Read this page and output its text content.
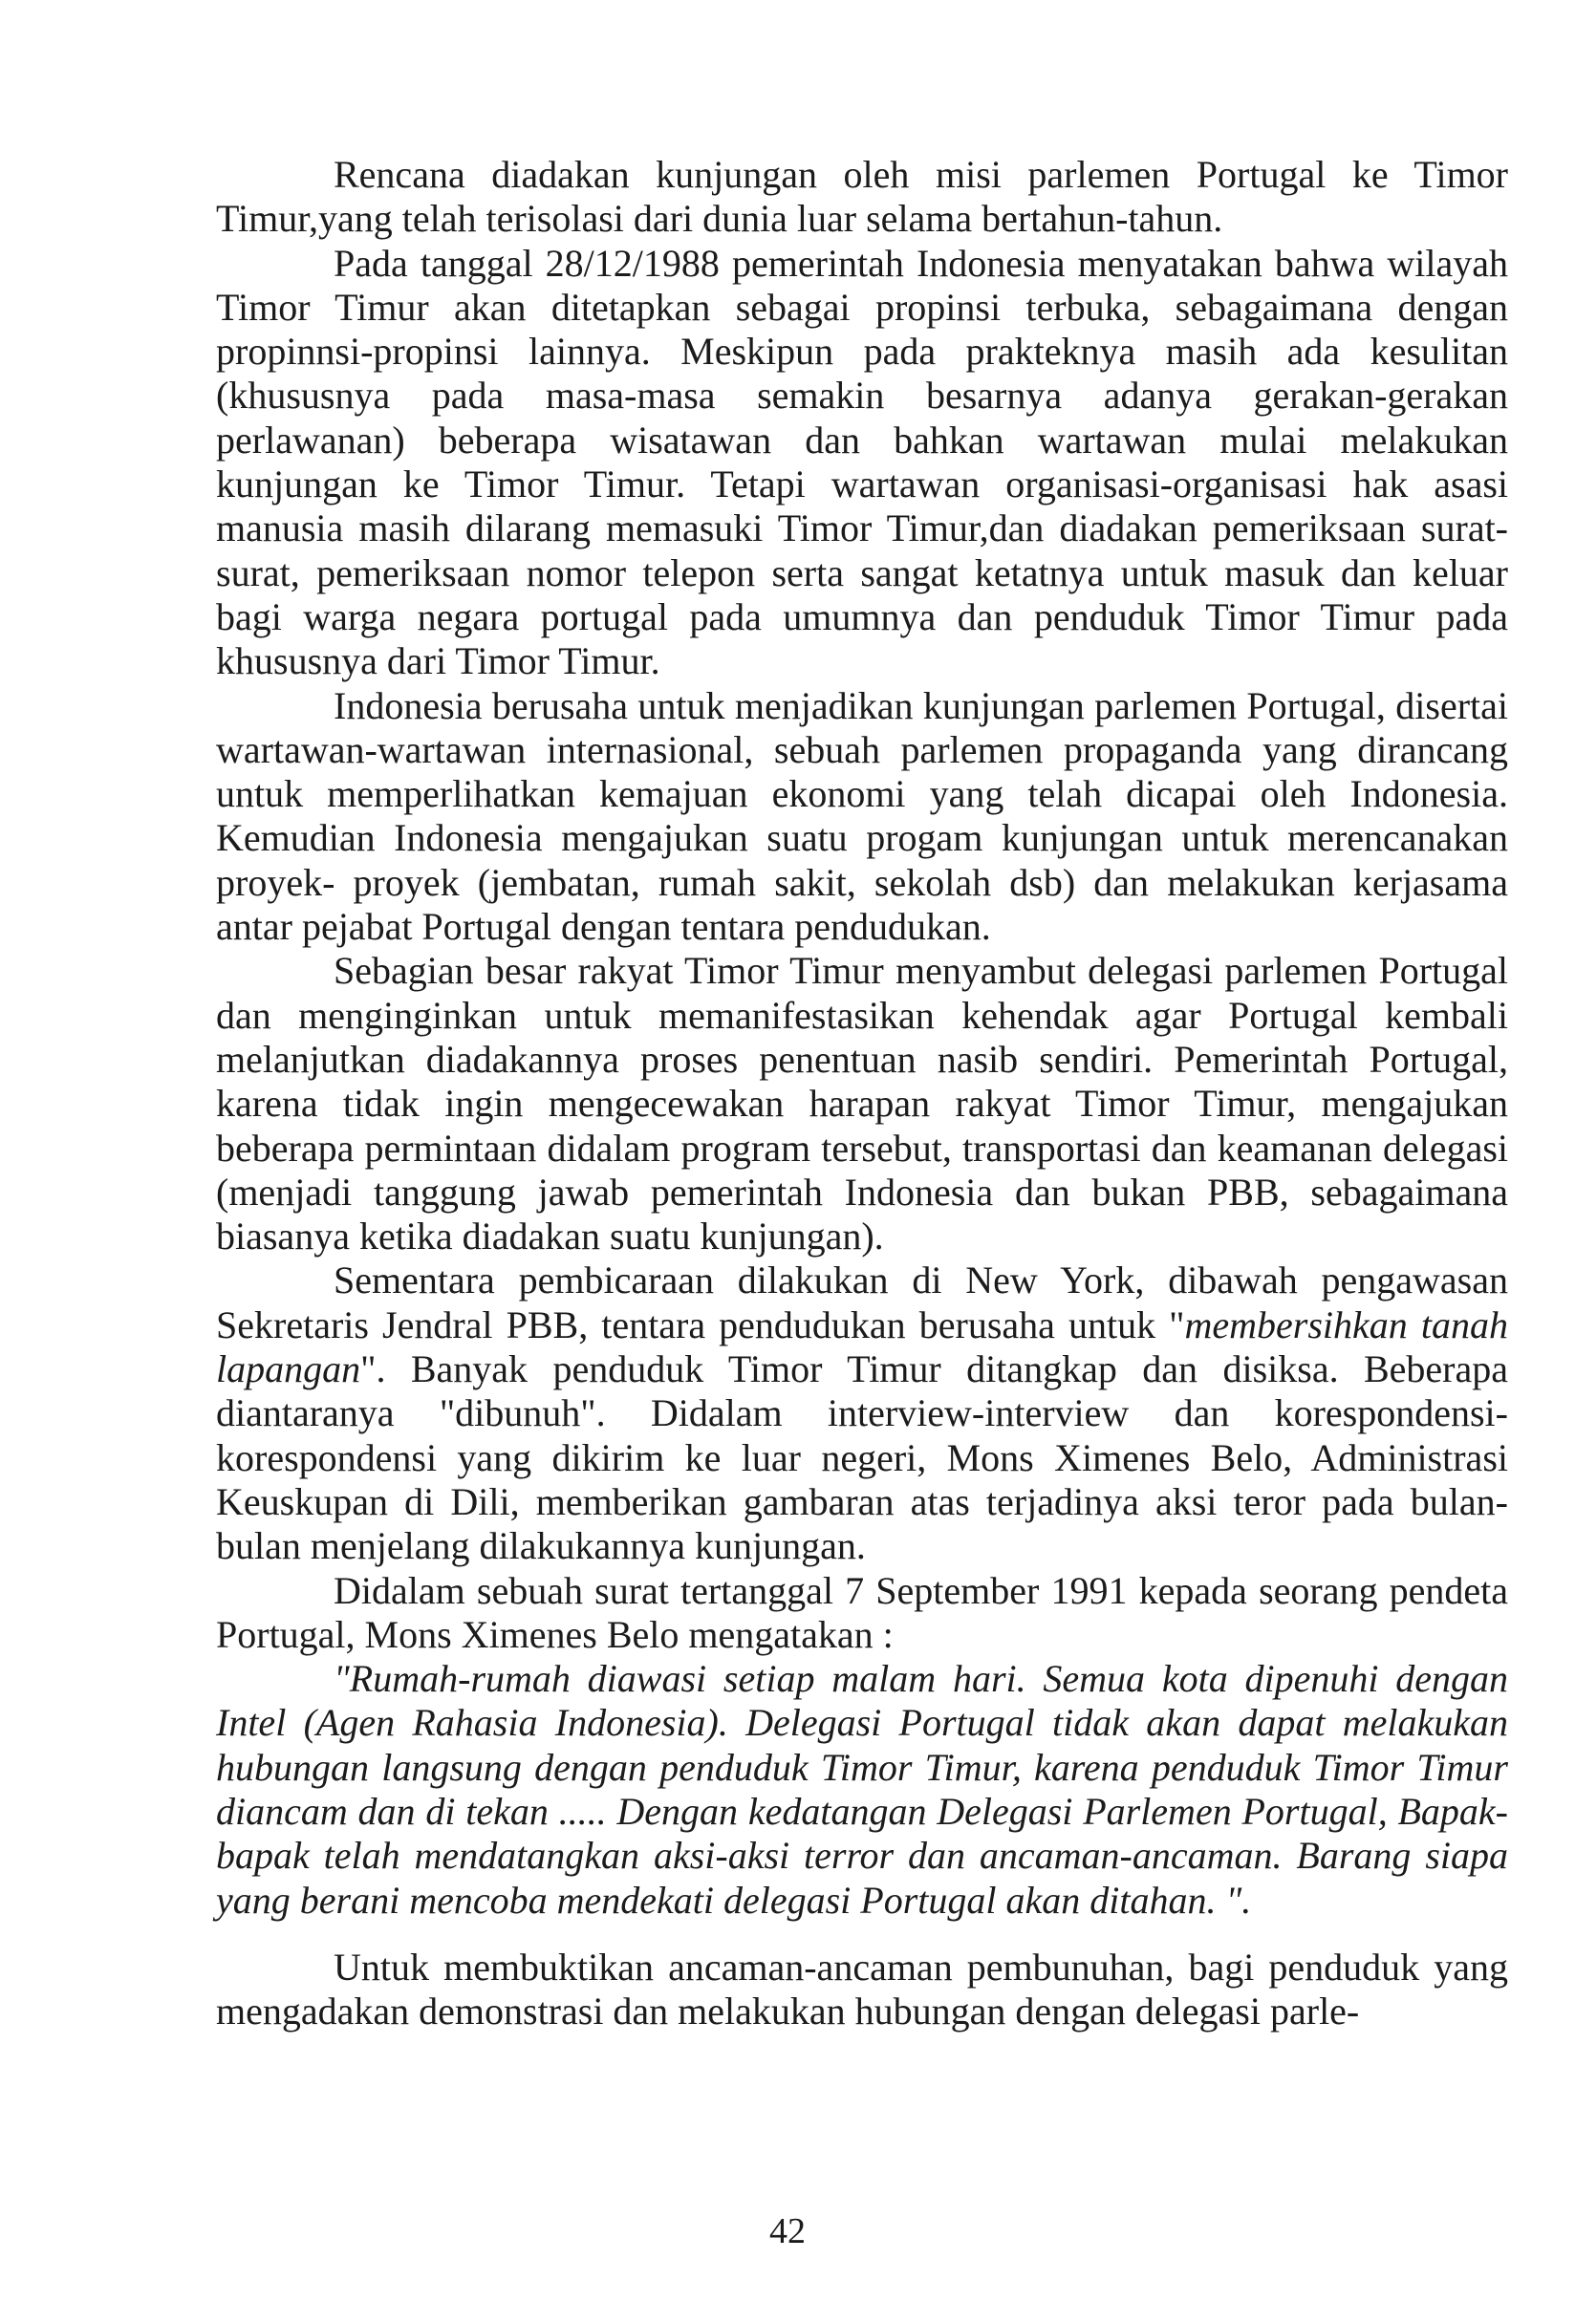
Rencana diadakan kunjungan oleh misi parlemen Portugal ke Timor Timur,yang telah terisolasi dari dunia luar selama bertahun-tahun.

Pada tanggal 28/12/1988 pemerintah Indonesia menyatakan bahwa wilayah Timor Timur akan ditetapkan sebagai propinsi terbuka, sebagaimana dengan propinnsi-propinsi lainnya. Meskipun pada prakteknya masih ada kesulitan (khususnya pada masa-masa semakin besarnya adanya gerakan-gerakan perlawanan) beberapa wisatawan dan bahkan wartawan mulai melakukan kunjungan ke Timor Timur. Tetapi wartawan organisasi-organisasi hak asasi manusia masih dilarang memasuki Timor Timur,dan diadakan pemeriksaan surat- surat, pemeriksaan nomor telepon serta sangat ketatnya untuk masuk dan keluar bagi warga negara portugal pada umumnya dan penduduk Timor Timur pada khususnya dari Timor Timur.

Indonesia berusaha untuk menjadikan kunjungan parlemen Portugal, disertai wartawan-wartawan internasional, sebuah parlemen propaganda yang dirancang untuk memperlihatkan kemajuan ekonomi yang telah dicapai oleh Indonesia. Kemudian Indonesia mengajukan suatu progam kunjungan untuk merencanakan proyek- proyek (jembatan, rumah sakit, sekolah dsb) dan melakukan kerjasama antar pejabat Portugal dengan tentara pendudukan.

Sebagian besar rakyat Timor Timur menyambut delegasi parlemen Portugal dan menginginkan untuk memanifestasikan kehendak agar Portugal kembali melanjutkan diadakannya proses penentuan nasib sendiri. Pemerintah Portugal, karena tidak ingin mengecewakan harapan rakyat Timor Timur, mengajukan beberapa permintaan didalam program tersebut, transportasi dan keamanan delegasi (menjadi tanggung jawab pemerintah Indonesia dan bukan PBB, sebagaimana biasanya ketika diadakan suatu kunjungan).

Sementara pembicaraan dilakukan di New York, dibawah pengawasan Sekretaris Jendral PBB, tentara pendudukan berusaha untuk "membersihkan tanah lapangan". Banyak penduduk Timor Timur ditangkap dan disiksa. Beberapa diantaranya "dibunuh". Didalam interview-interview dan korespondensi-korespondensi yang dikirim ke luar negeri, Mons Ximenes Belo, Administrasi Keuskupan di Dili, memberikan gambaran atas terjadinya aksi teror pada bulan- bulan menjelang dilakukannya kunjungan.

Didalam sebuah surat tertanggal 7 September 1991 kepada seorang pendeta Portugal, Mons Ximenes Belo mengatakan :

"Rumah-rumah diawasi setiap malam hari. Semua kota dipenuhi dengan Intel (Agen Rahasia Indonesia). Delegasi Portugal tidak akan dapat melakukan hubungan langsung dengan penduduk Timor Timur, karena penduduk Timor Timur diancam dan di tekan ..... Dengan kedatangan Delegasi Parlemen Portugal, Bapak- bapak telah mendatangkan aksi-aksi terror dan ancaman-ancaman. Barang siapa yang berani mencoba mendekati delegasi Portugal akan ditahan. ".

Untuk membuktikan ancaman-ancaman pembunuhan, bagi penduduk yang mengadakan demonstrasi dan melakukan hubungan dengan delegasi parle-

42
